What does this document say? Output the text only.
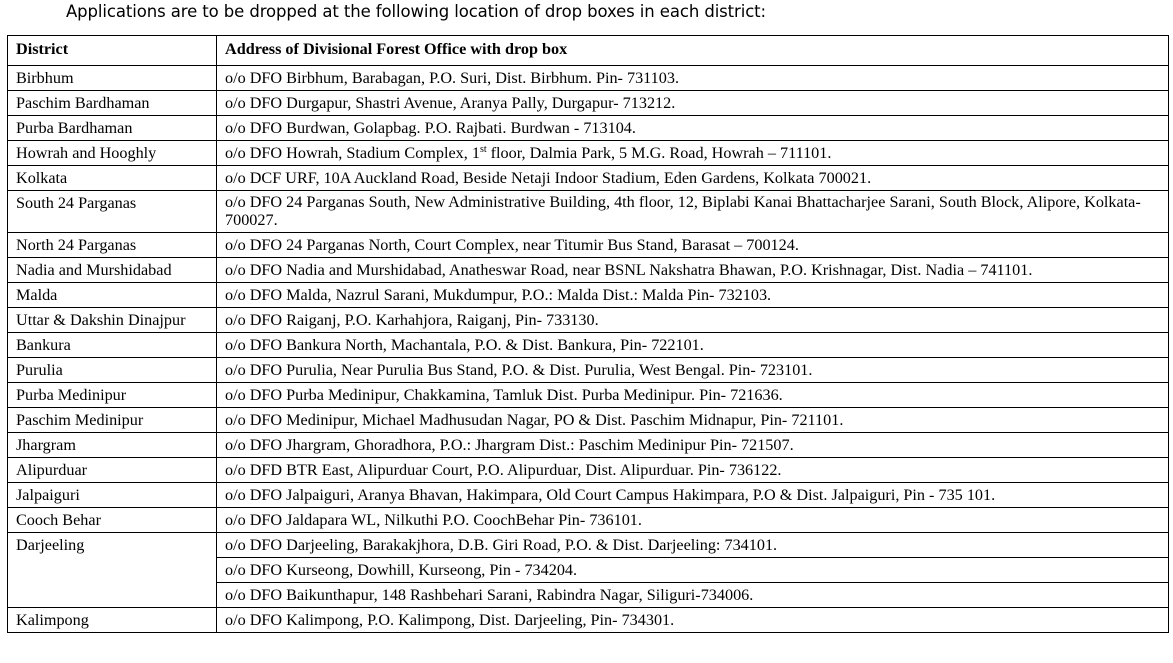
Applications are to be dropped at the following location of drop boxes in each district:
District	Address of Divisional Forest Office with drop box
Birbhum	o/o DFO Birbhum, Barabagan, P.O. Suri, Dist. Birbhum. Pin- 731103.
Paschim Bardhaman	o/o DFO Durgapur, Shastri Avenue, Aranya Pally, Durgapur- 713212.
Purba Bardhaman	o/o DFO Burdwan, Golapbag. P.O. Rajbati. Burdwan - 713104.
Howrah and Hooghly	o/o DFO Howrah, Stadium Complex, 1st floor, Dalmia Park, 5 M.G. Road, Howrah – 711101.
Kolkata	o/o DCF URF, 10A Auckland Road, Beside Netaji Indoor Stadium, Eden Gardens, Kolkata 700021.
South 24 Parganas	o/o DFO 24 Parganas South, New Administrative Building, 4th floor, 12, Biplabi Kanai Bhattacharjee Sarani, South Block, Alipore, Kolkata-700027.
North 24 Parganas	o/o DFO 24 Parganas North, Court Complex, near Titumir Bus Stand, Barasat – 700124.
Nadia and Murshidabad	o/o DFO Nadia and Murshidabad, Anatheswar Road, near BSNL Nakshatra Bhawan, P.O. Krishnagar, Dist. Nadia – 741101.
Malda	o/o DFO Malda, Nazrul Sarani, Mukdumpur, P.O.: Malda Dist.: Malda Pin- 732103.
Uttar & Dakshin Dinajpur	o/o DFO Raiganj, P.O. Karhahjora, Raiganj, Pin- 733130.
Bankura	o/o DFO Bankura North, Machantala, P.O. & Dist. Bankura, Pin- 722101.
Purulia	o/o DFO Purulia, Near Purulia Bus Stand, P.O. & Dist. Purulia, West Bengal. Pin- 723101.
Purba Medinipur	o/o DFO Purba Medinipur, Chakkamina, Tamluk Dist. Purba Medinipur. Pin- 721636.
Paschim Medinipur	o/o DFO Medinipur, Michael Madhusudan Nagar, PO & Dist. Paschim Midnapur, Pin- 721101.
Jhargram	o/o DFO Jhargram, Ghoradhora, P.O.: Jhargram Dist.: Paschim Medinipur Pin- 721507.
Alipurduar	o/o DFD BTR East, Alipurduar Court, P.O. Alipurduar, Dist. Alipurduar. Pin- 736122.
Jalpaiguri	o/o DFO Jalpaiguri, Aranya Bhavan, Hakimpara, Old Court Campus Hakimpara, P.O & Dist. Jalpaiguri, Pin - 735 101.
Cooch Behar	o/o DFO Jaldapara WL, Nilkuthi P.O. CoochBehar Pin- 736101.
Darjeeling	o/o DFO Darjeeling, Barakakjhora, D.B. Giri Road, P.O. & Dist. Darjeeling: 734101.
	o/o DFO Kurseong, Dowhill, Kurseong, Pin - 734204.
	o/o DFO Baikunthapur, 148 Rashbehari Sarani, Rabindra Nagar, Siliguri-734006.
Kalimpong	o/o DFO Kalimpong, P.O. Kalimpong, Dist. Darjeeling, Pin- 734301.
